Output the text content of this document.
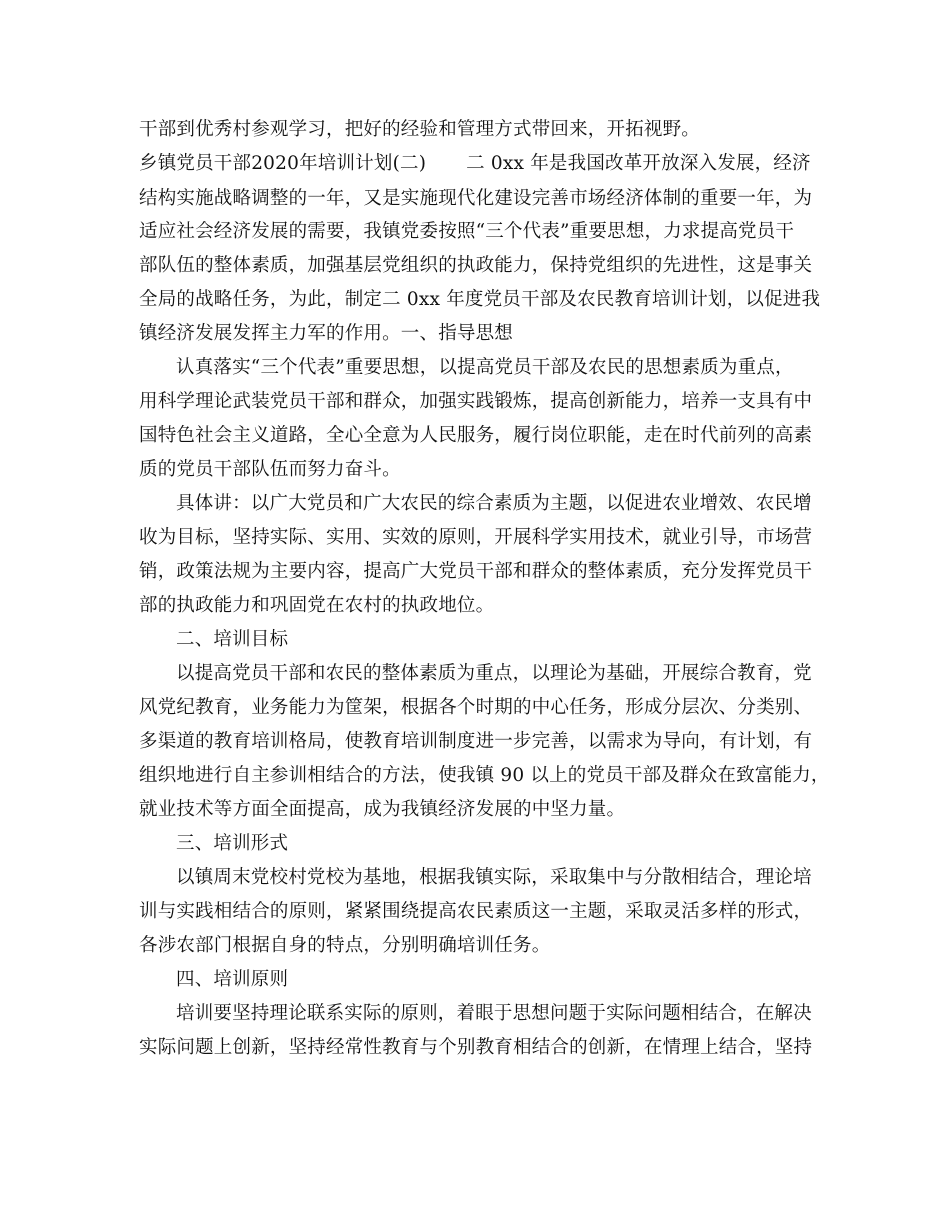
干部到优秀村参观学习，把好的经验和管理方式带回来，开拓视野。
乡镇党员干部2020年培训计划(二) 二 0xx 年是我国改革开放深入发展，经济
结构实施战略调整的一年，又是实施现代化建设完善市场经济体制的重要一年，为
适应社会经济发展的需要，我镇党委按照“三个代表”重要思想，力求提高党员干
部队伍的整体素质，加强基层党组织的执政能力，保持党组织的先进性，这是事关
全局的战略任务，为此，制定二 0xx 年度党员干部及农民教育培训计划，以促进我
镇经济发展发挥主力军的作用。一、指导思想
认真落实“三个代表”重要思想，以提高党员干部及农民的思想素质为重点，
用科学理论武装党员干部和群众，加强实践锻炼，提高创新能力，培养一支具有中
国特色社会主义道路，全心全意为人民服务，履行岗位职能，走在时代前列的高素
质的党员干部队伍而努力奋斗。
具体讲：以广大党员和广大农民的综合素质为主题，以促进农业增效、农民增
收为目标，坚持实际、实用、实效的原则，开展科学实用技术，就业引导，市场营
销，政策法规为主要内容，提高广大党员干部和群众的整体素质，充分发挥党员干
部的执政能力和巩固党在农村的执政地位。
二、培训目标
以提高党员干部和农民的整体素质为重点，以理论为基础，开展综合教育，党
风党纪教育，业务能力为筐架，根据各个时期的中心任务，形成分层次、分类别、
多渠道的教育培训格局，使教育培训制度进一步完善，以需求为导向，有计划，有
组织地进行自主参训相结合的方法，使我镇 90 以上的党员干部及群众在致富能力，
就业技术等方面全面提高，成为我镇经济发展的中坚力量。
三、培训形式
以镇周末党校村党校为基地，根据我镇实际，采取集中与分散相结合，理论培
训与实践相结合的原则，紧紧围绕提高农民素质这一主题，采取灵活多样的形式，
各涉农部门根据自身的特点，分别明确培训任务。
四、培训原则
培训要坚持理论联系实际的原则，着眼于思想问题于实际问题相结合，在解决
实际问题上创新，坚持经常性教育与个别教育相结合的创新，在情理上结合，坚持
